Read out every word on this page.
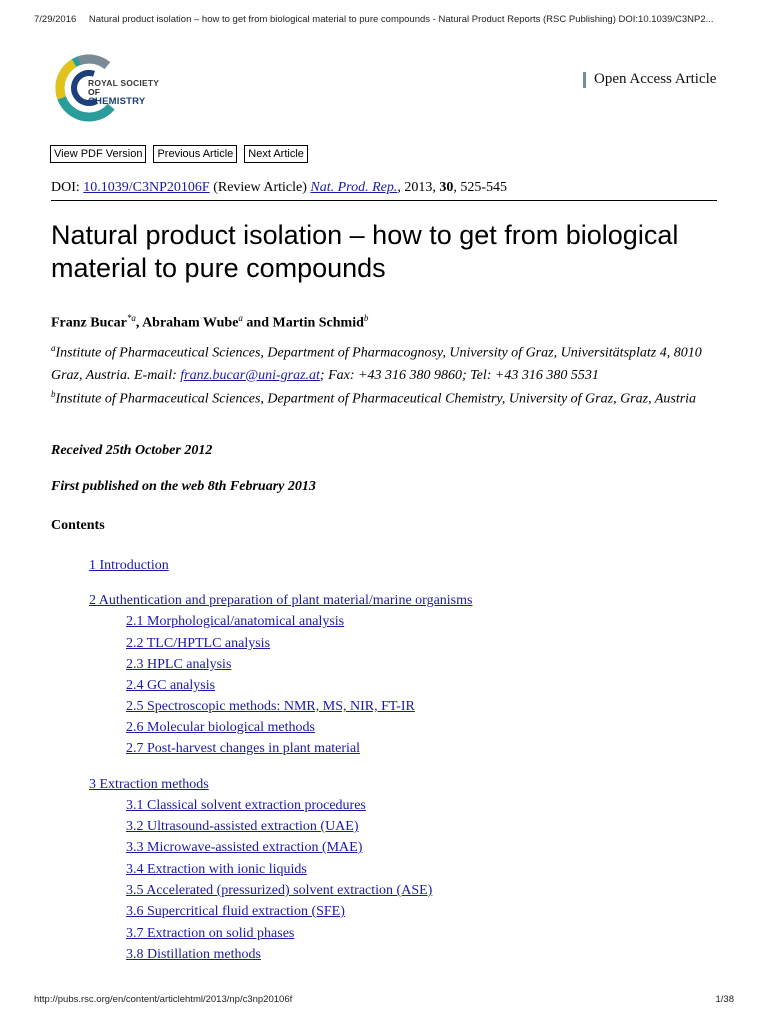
7/29/2016 Natural product isolation – how to get from biological material to pure compounds - Natural Product Reports (RSC Publishing) DOI:10.1039/C3NP2...
ROYAL SOCIETY
OF
CHEMISTRY
Open Access Article
View PDF Version	Previous Article	Next Article
DOI: 10.1039/C3NP20106F (Review Article) Nat. Prod. Rep., 2013, 30, 525-545
Natural product isolation – how to get from biological material to pure compounds
Franz Bucar$^{*a}$, Abraham Wube$^a$ and Martin Schmid$^b$
$^a$Institute of Pharmaceutical Sciences, Department of Pharmacognosy, University of Graz, Universitätsplatz 4, 8010 Graz, Austria. E-mail: franz.bucar@uni-graz.at; Fax: +43 316 380 9860; Tel: +43 316 380 5531
$^b$Institute of Pharmaceutical Sciences, Department of Pharmaceutical Chemistry, University of Graz, Graz, Austria
Received 25th October 2012
First published on the web 8th February 2013
Contents
1 Introduction
2 Authentication and preparation of plant material/marine organisms
2.1 Morphological/anatomical analysis
2.2 TLC/HPTLC analysis
2.3 HPLC analysis
2.4 GC analysis
2.5 Spectroscopic methods: NMR, MS, NIR, FT-IR
2.6 Molecular biological methods
2.7 Post-harvest changes in plant material
3 Extraction methods
3.1 Classical solvent extraction procedures
3.2 Ultrasound-assisted extraction (UAE)
3.3 Microwave-assisted extraction (MAE)
3.4 Extraction with ionic liquids
3.5 Accelerated (pressurized) solvent extraction (ASE)
3.6 Supercritical fluid extraction (SFE)
3.7 Extraction on solid phases
3.8 Distillation methods
http://pubs.rsc.org/en/content/articlehtml/2013/np/c3np20106f	1/38
